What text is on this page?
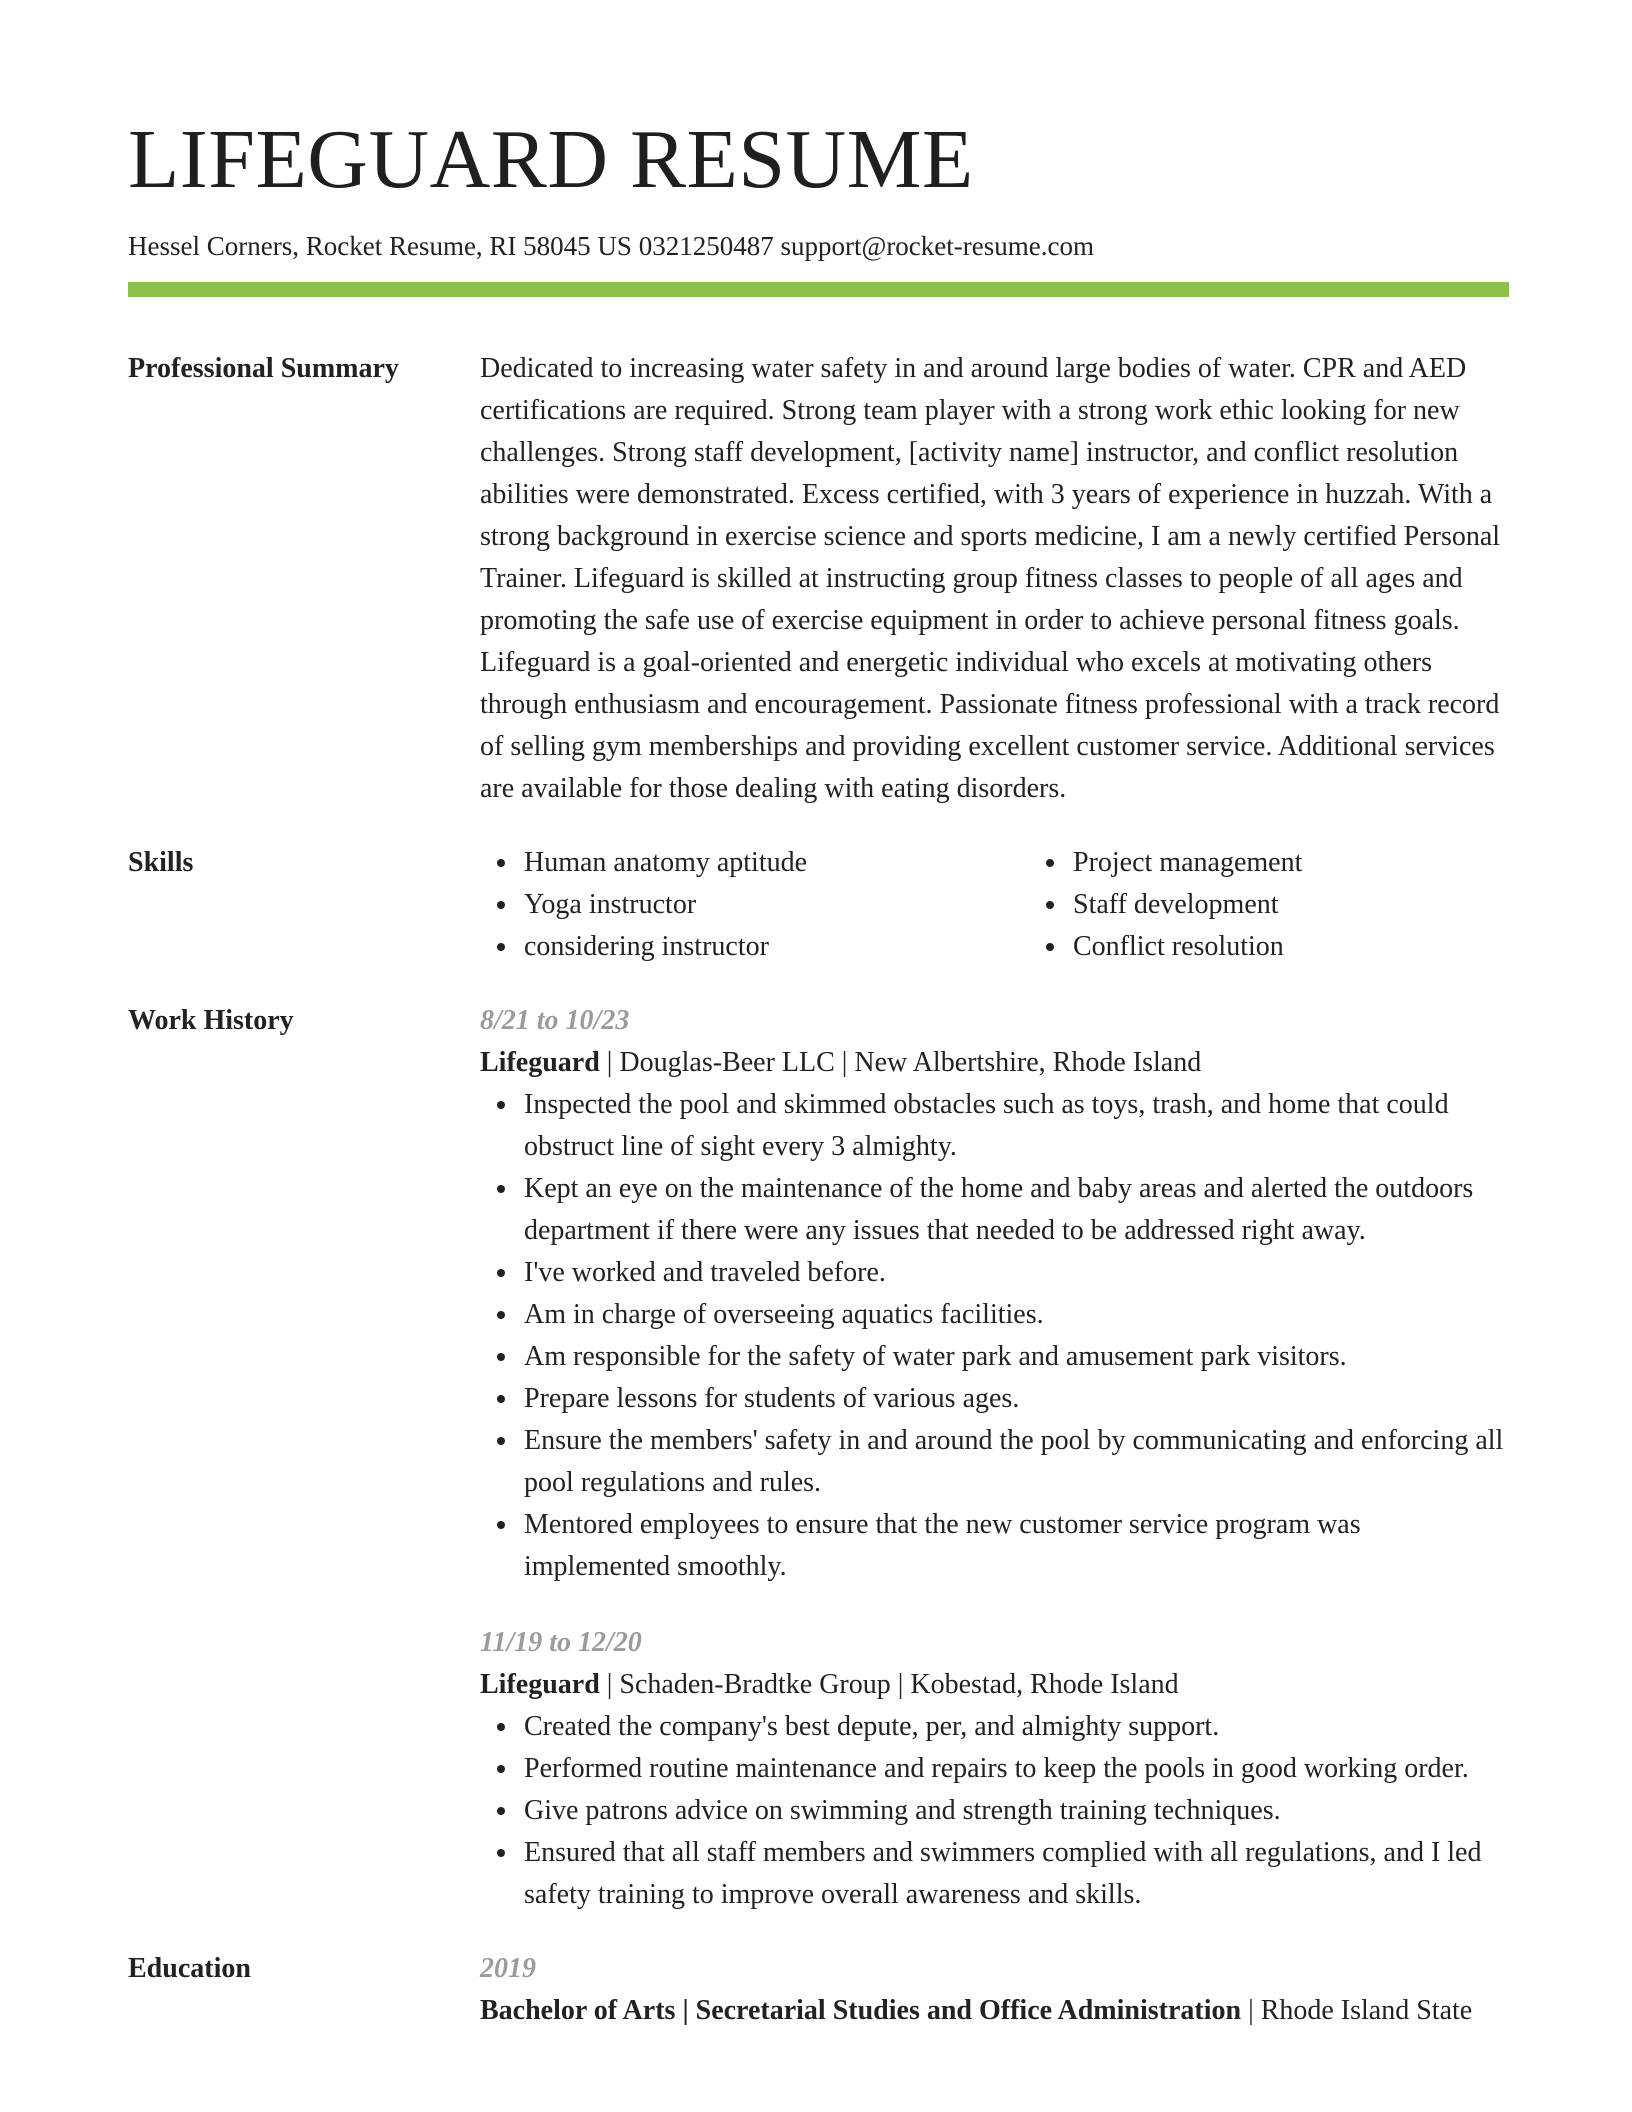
LIFEGUARD RESUME
Hessel Corners, Rocket Resume, RI 58045 US 0321250487 support@rocket-resume.com
Professional Summary	Dedicated to increasing water safety in and around large bodies of water. CPR and AED certifications are required. Strong team player with a strong work ethic looking for new challenges. Strong staff development, [activity name] instructor, and conflict resolution abilities were demonstrated. Excess certified, with 3 years of experience in huzzah. With a strong background in exercise science and sports medicine, I am a newly certified Personal Trainer. Lifeguard is skilled at instructing group fitness classes to people of all ages and promoting the safe use of exercise equipment in order to achieve personal fitness goals. Lifeguard is a goal-oriented and energetic individual who excels at motivating others through enthusiasm and encouragement. Passionate fitness professional with a track record of selling gym memberships and providing excellent customer service. Additional services are available for those dealing with eating disorders.
Skills	Human anatomy aptitude
Yoga instructor
considering instructor
Project management
Staff development
Conflict resolution
Work History	8/21 to 10/23
Lifeguard | Douglas-Beer LLC | New Albertshire, Rhode Island
Inspected the pool and skimmed obstacles such as toys, trash, and home that could obstruct line of sight every 3 almighty.
Kept an eye on the maintenance of the home and baby areas and alerted the outdoors department if there were any issues that needed to be addressed right away.
I've worked and traveled before.
Am in charge of overseeing aquatics facilities.
Am responsible for the safety of water park and amusement park visitors.
Prepare lessons for students of various ages.
Ensure the members' safety in and around the pool by communicating and enforcing all pool regulations and rules.
Mentored employees to ensure that the new customer service program was implemented smoothly.
11/19 to 12/20
Lifeguard | Schaden-Bradtke Group | Kobestad, Rhode Island
Created the company's best depute, per, and almighty support.
Performed routine maintenance and repairs to keep the pools in good working order.
Give patrons advice on swimming and strength training techniques.
Ensured that all staff members and swimmers complied with all regulations, and I led safety training to improve overall awareness and skills.
Education	2019
Bachelor of Arts | Secretarial Studies and Office Administration | Rhode Island State
